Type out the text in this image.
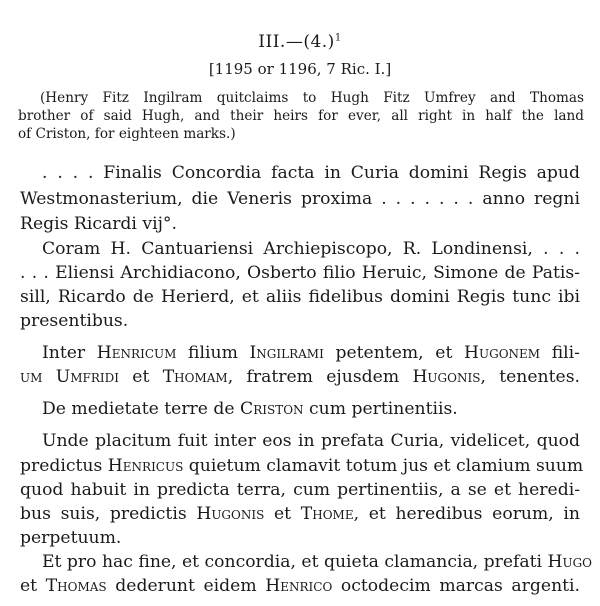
$III.—(4.)^1$
[1195 or 1196, 7 Ric. I.]
(Henry Fitz Ingilram quitclaims to Hugh Fitz Umfrey and Thomas
brother of said Hugh, and their heirs for ever, all right in half the land
of Criston, for eighteen marks.)
. . . . Finalis Concordia facta in Curia domini Regis apud
Westmonasterium, die Veneris proxima . . . . . . . anno regni
Regis Ricardi vij°.
Coram H. Cantuariensi Archiepiscopo, R. Londinensi, . . .
. . . Eliensi Archidiacono, Osberto filio Heruic, Simone de Patis-
sill, Ricardo de Herierd, et aliis fidelibus domini Regis tunc ibi
presentibus.
Inter Henricum filium Ingilrami petentem, et Hugonem fili-
um Umfridi et Thomam, fratrem ejusdem Hugonis, tenentes.
De medietate terre de Criston cum pertinentiis.
Unde placitum fuit inter eos in prefata Curia, videlicet, quod
predictus Henricus quietum clamavit totum jus et clamium suum
quod habuit in predicta terra, cum pertinentiis, a se et heredi-
bus suis, predictis Hugonis et Thome, et heredibus eorum, in
perpetuum.
Et pro hac fine, et concordia, et quieta clamancia, prefati Hugo
et Thomas dederunt eidem Henrico octodecim marcas argenti.
